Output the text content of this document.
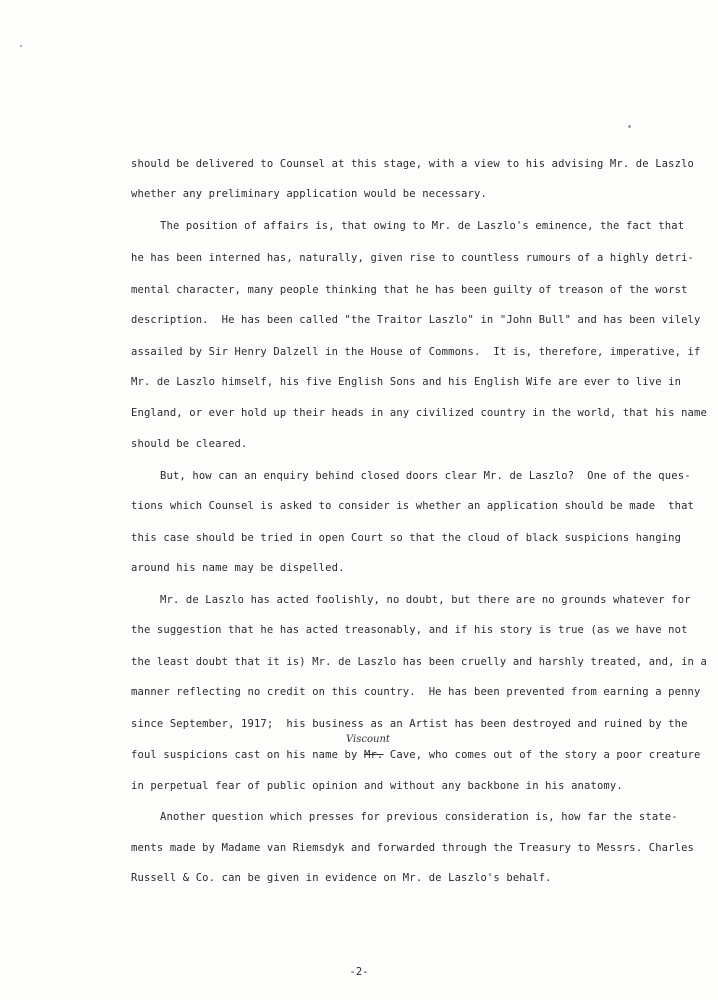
should be delivered to Counsel at this stage, with a view to his advising Mr. de Laszlo
whether any preliminary application would be necessary.
The position of affairs is, that owing to Mr. de Laszlo's eminence, the fact that
he has been interned has, naturally, given rise to countless rumours of a highly detri-
mental character, many people thinking that he has been guilty of treason of the worst
description.  He has been called "the Traitor Laszlo" in "John Bull" and has been vilely
assailed by Sir Henry Dalzell in the House of Commons.  It is, therefore, imperative, if
Mr. de Laszlo himself, his five English Sons and his English Wife are ever to live in
England, or ever hold up their heads in any civilized country in the world, that his name
should be cleared.
But, how can an enquiry behind closed doors clear Mr. de Laszlo?  One of the ques-
tions which Counsel is asked to consider is whether an application should be made  that
this case should be tried in open Court so that the cloud of black suspicions hanging
around his name may be dispelled.
Mr. de Laszlo has acted foolishly, no doubt, but there are no grounds whatever for
the suggestion that he has acted treasonably, and if his story is true (as we have not
the least doubt that it is) Mr. de Laszlo has been cruelly and harshly treated, and, in a
manner reflecting no credit on this country.  He has been prevented from earning a penny
since September, 1917;  his business as an Artist has been destroyed and ruined by the
Viscount
foul suspicions cast on his name by Mr. Cave, who comes out of the story a poor creature
in perpetual fear of public opinion and without any backbone in his anatomy.
Another question which presses for previous consideration is, how far the state-
ments made by Madame van Riemsdyk and forwarded through the Treasury to Messrs. Charles
Russell & Co. can be given in evidence on Mr. de Laszlo's behalf.
-2-
